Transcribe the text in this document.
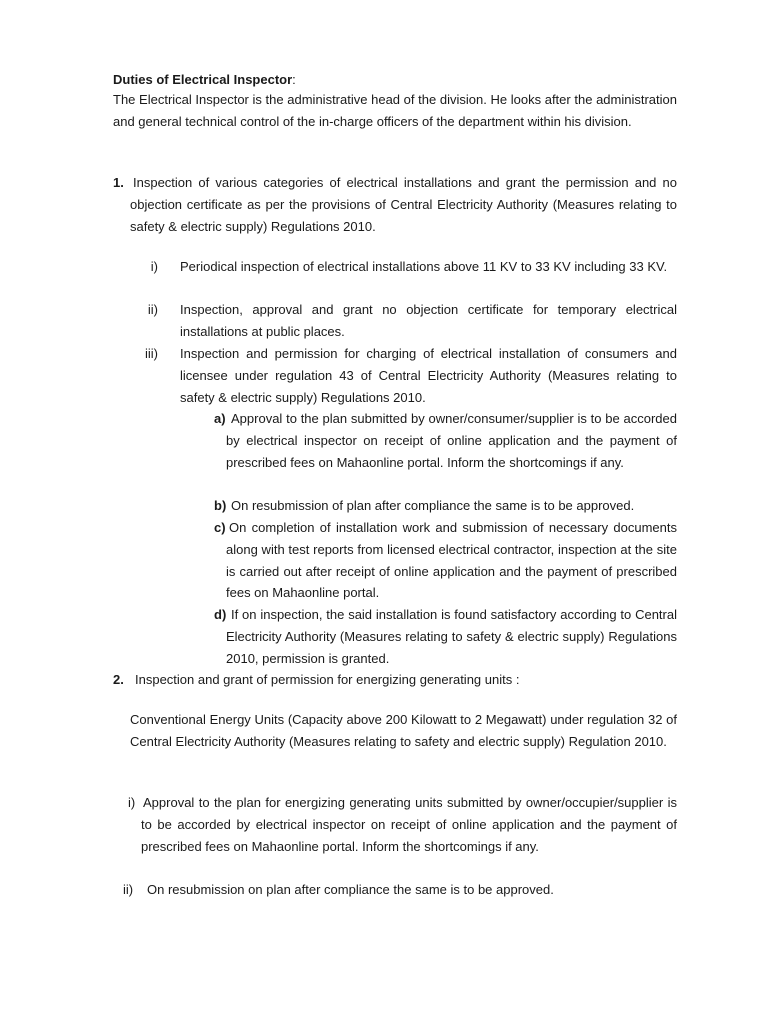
Duties of Electrical Inspector:
The Electrical Inspector is the administrative head of the division. He looks after the administration and general technical control of the in-charge officers of the department within his division.
1. Inspection of various categories of electrical installations and grant the permission and no objection certificate as per the provisions of Central Electricity Authority (Measures relating to safety & electric supply) Regulations 2010.
i) Periodical inspection of electrical installations above 11 KV to 33 KV including 33 KV.
ii) Inspection, approval and grant no objection certificate for temporary electrical installations at public places.
iii) Inspection and permission for charging of electrical installation of consumers and licensee under regulation 43 of Central Electricity Authority (Measures relating to safety & electric supply) Regulations 2010.
a) Approval to the plan submitted by owner/consumer/supplier is to be accorded by electrical inspector on receipt of online application and the payment of prescribed fees on Mahaonline portal. Inform the shortcomings if any.
b) On resubmission of plan after compliance the same is to be approved.
c) On completion of installation work and submission of necessary documents along with test reports from licensed electrical contractor, inspection at the site is carried out after receipt of online application and the payment of prescribed fees on Mahaonline portal.
d) If on inspection, the said installation is found satisfactory according to Central Electricity Authority (Measures relating to safety & electric supply) Regulations 2010, permission is granted.
2. Inspection and grant of permission for energizing generating units :
Conventional Energy Units (Capacity above 200 Kilowatt to 2 Megawatt) under regulation 32 of Central Electricity Authority (Measures relating to safety and electric supply) Regulation 2010.
i) Approval to the plan for energizing generating units submitted by owner/occupier/supplier is to be accorded by electrical inspector on receipt of online application and the payment of prescribed fees on Mahaonline portal. Inform the shortcomings if any.
ii) On resubmission on plan after compliance the same is to be approved.
